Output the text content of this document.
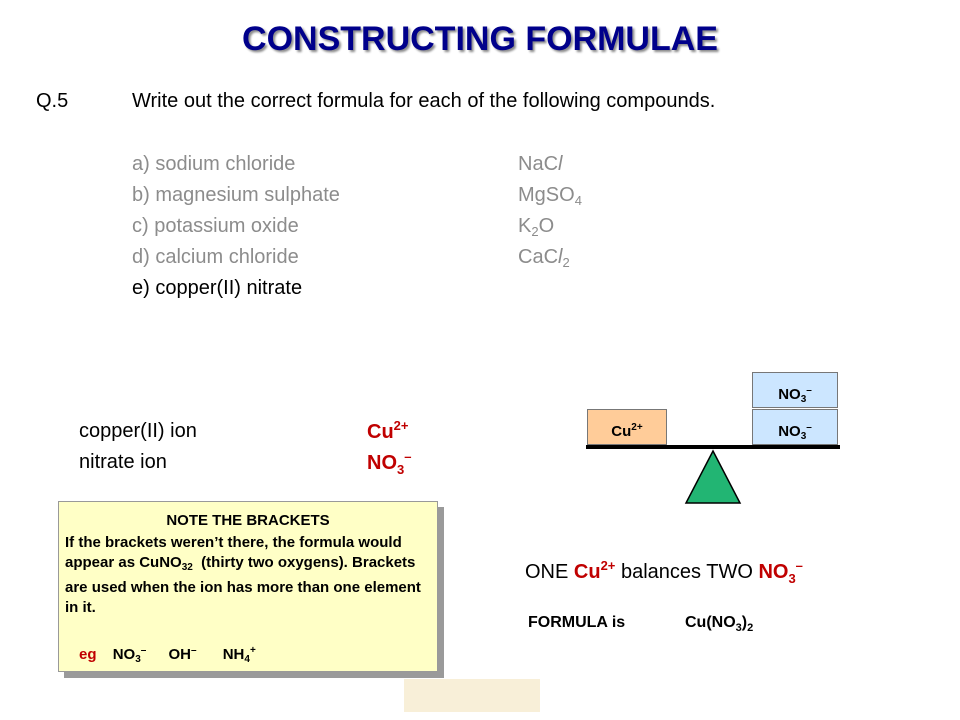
CONSTRUCTING FORMULAE
Q.5	Write out the correct formula for each of the following compounds.
a) sodium chloride	NaCl
b) magnesium sulphate	MgSO$_4$
c) potassium oxide	$K_2O$
d) calcium chloride	CaCl$_2$
e) copper(II) nitrate
copper(II) ion	$Cu^{2+}$
nitrate ion	$NO_3^-$
$NO_3^-$
$NO_3^-$
$Cu^{2+}$
ONE $Cu^{2+}$ balances TWO $NO_3^-$
FORMULA is	$Cu(NO_3)_2$
NOTE THE BRACKETS
If the brackets weren’t there, the formula would appear as CuNO$_{32}$  (thirty two oxygens). Brackets are used when the ion has more than one element in it.
eg $NO_3^-$ OH– $NH_4^+$
